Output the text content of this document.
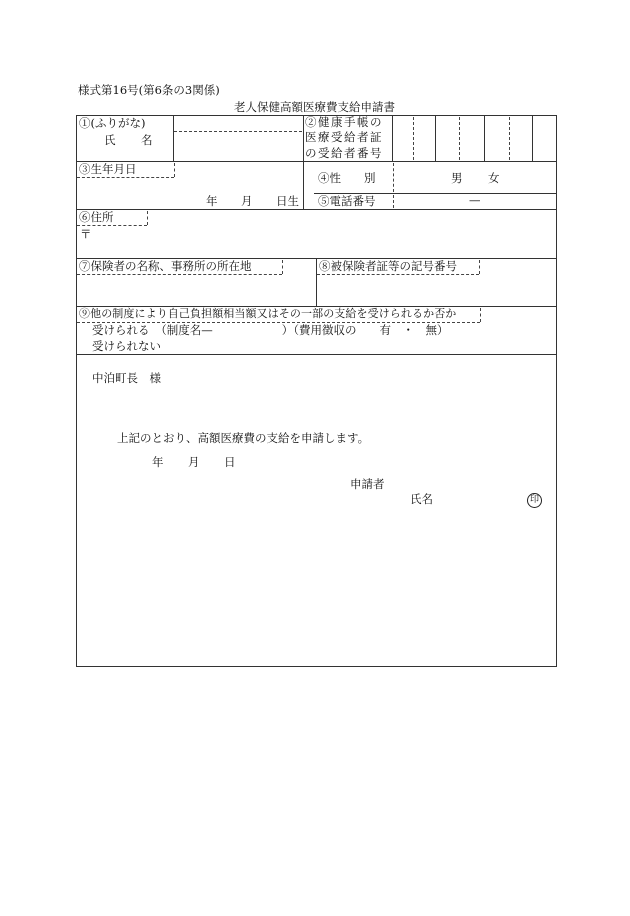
様式第16号(第6条の3関係)
老人保健高額医療費支給申請書
①(ふりがな)
氏 名
②健康手帳の
医療受給者証
の受給者番号
③生年月日
年 月 日生
④性　　別	男 女
⑤電話番号	—
⑥住所
〒
⑦保険者の名称、事務所の所在地	⑧被保険者証等の記号番号
⑨他の制度により自己負担額相当額又はその一部の支給を受けられるか否か
受けられる　（制度名—　　　　　　）（費用徴収の　　有　・　無）
受けられない
中泊町長　様
上記のとおり、高額医療費の支給を申請します。
年 月 日
申請者
氏名	印
